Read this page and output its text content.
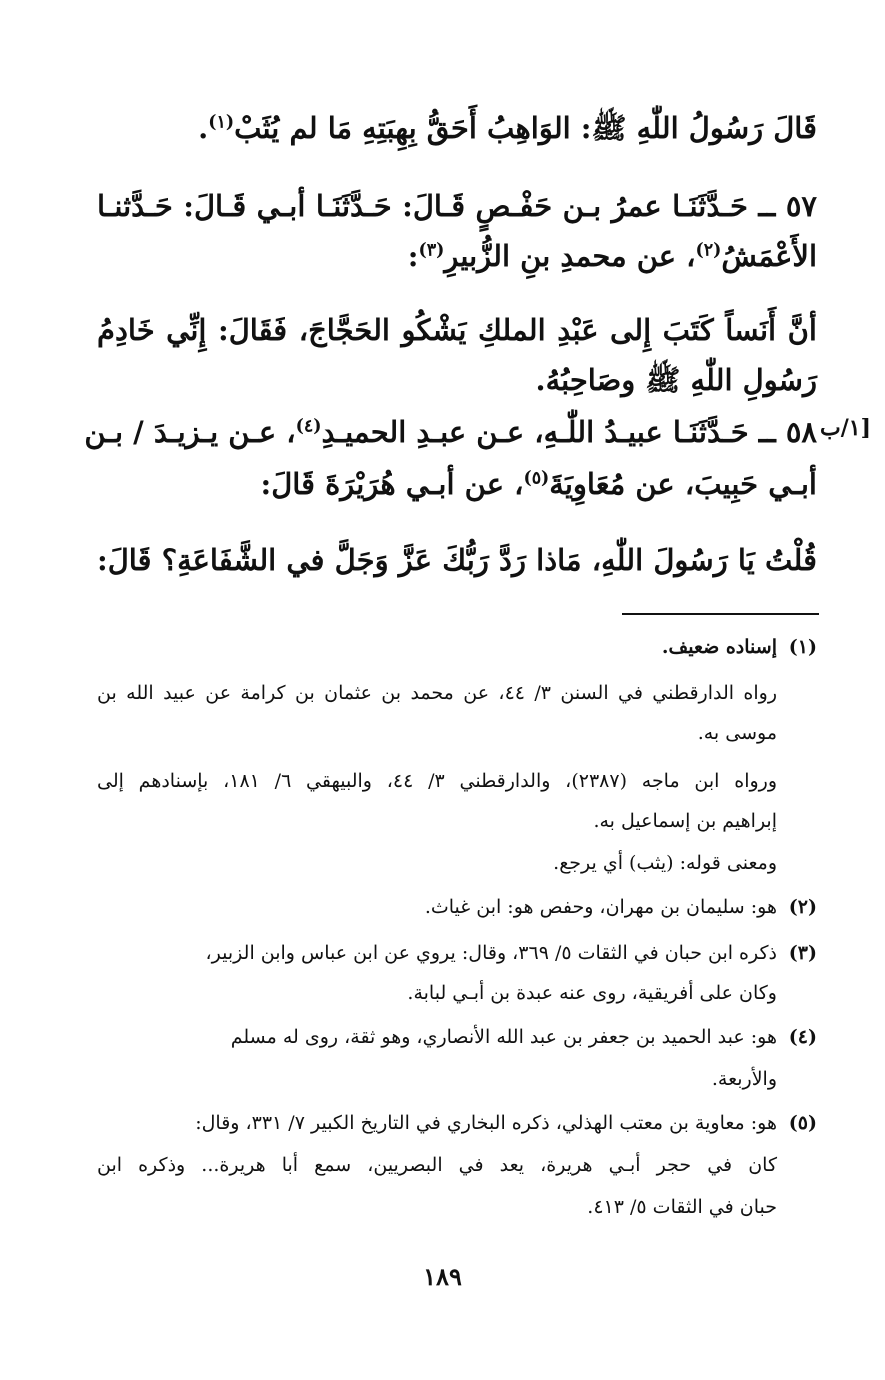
قَالَ رَسُولُ اللّٰهِ ﷺ: الوَاهِبُ أَحَقُّ بِهِبَتِهِ مَا لم يُثَبْ$^{(١)}$.
٥٧ ــ حَـدَّثَنَـا عمرُ بـن حَفْـصٍ قَـالَ: حَـدَّثَنَـا أبـي قَـالَ: حَـدَّثنـا
الأَعْمَشُ$^{(٢)}$، عن محمدِ بنِ الزُّبيرِ$^{(٣)}$:
أنَّ أَنَساً كَتَبَ إِلى عَبْدِ الملكِ يَشْكُو الحَجَّاجَ، فَقَالَ: إِنِّي خَادِمُ
رَسُولِ اللّٰهِ ﷺ وصَاحِبُهُ.
[١/ب
٥٨ ــ حَـدَّثَنَـا عبيـدُ اللّٰـهِ، عـن عبـدِ الحميـدِ$^{(٤)}$، عـن يـزيـدَ / بـن
أبـي حَبِيبَ، عن مُعَاوِيَةَ$^{(٥)}$، عن أبـي هُرَيْرَةَ قَالَ:
قُلْتُ يَا رَسُولَ اللّٰهِ، مَاذا رَدَّ رَبُّكَ عَزَّ وَجَلَّ في الشَّفَاعَةِ؟ قَالَ:
(١)إسناده ضعيف.
رواه الدارقطني في السنن ٣/ ٤٤، عن محمد بن عثمان بن كرامة عن عبيد الله بن
موسى به.
ورواه ابن ماجه (٢٣٨٧)، والدارقطني ٣/ ٤٤، والبيهقي ٦/ ١٨١، بإسنادهم إلى
إبراهيم بن إسماعيل به.
ومعنى قوله: (يثب) أي يرجع.
(٢)هو: سليمان بن مهران، وحفص هو: ابن غياث.
(٣)ذكره ابن حبان في الثقات ٥/ ٣٦٩، وقال: يروي عن ابن عباس وابن الزبير،
وكان على أفريقية، روى عنه عبدة بن أبـي لبابة.
(٤)هو: عبد الحميد بن جعفر بن عبد الله الأنصاري، وهو ثقة، روى له مسلم
والأربعة.
(٥)هو: معاوية بن معتب الهذلي، ذكره البخاري في التاريخ الكبير ٧/ ٣٣١، وقال:
كان في حجر أبـي هريرة، يعد في البصريين، سمع أبا هريرة... وذكره ابن
حبان في الثقات ٥/ ٤١٣.
١٨٩
